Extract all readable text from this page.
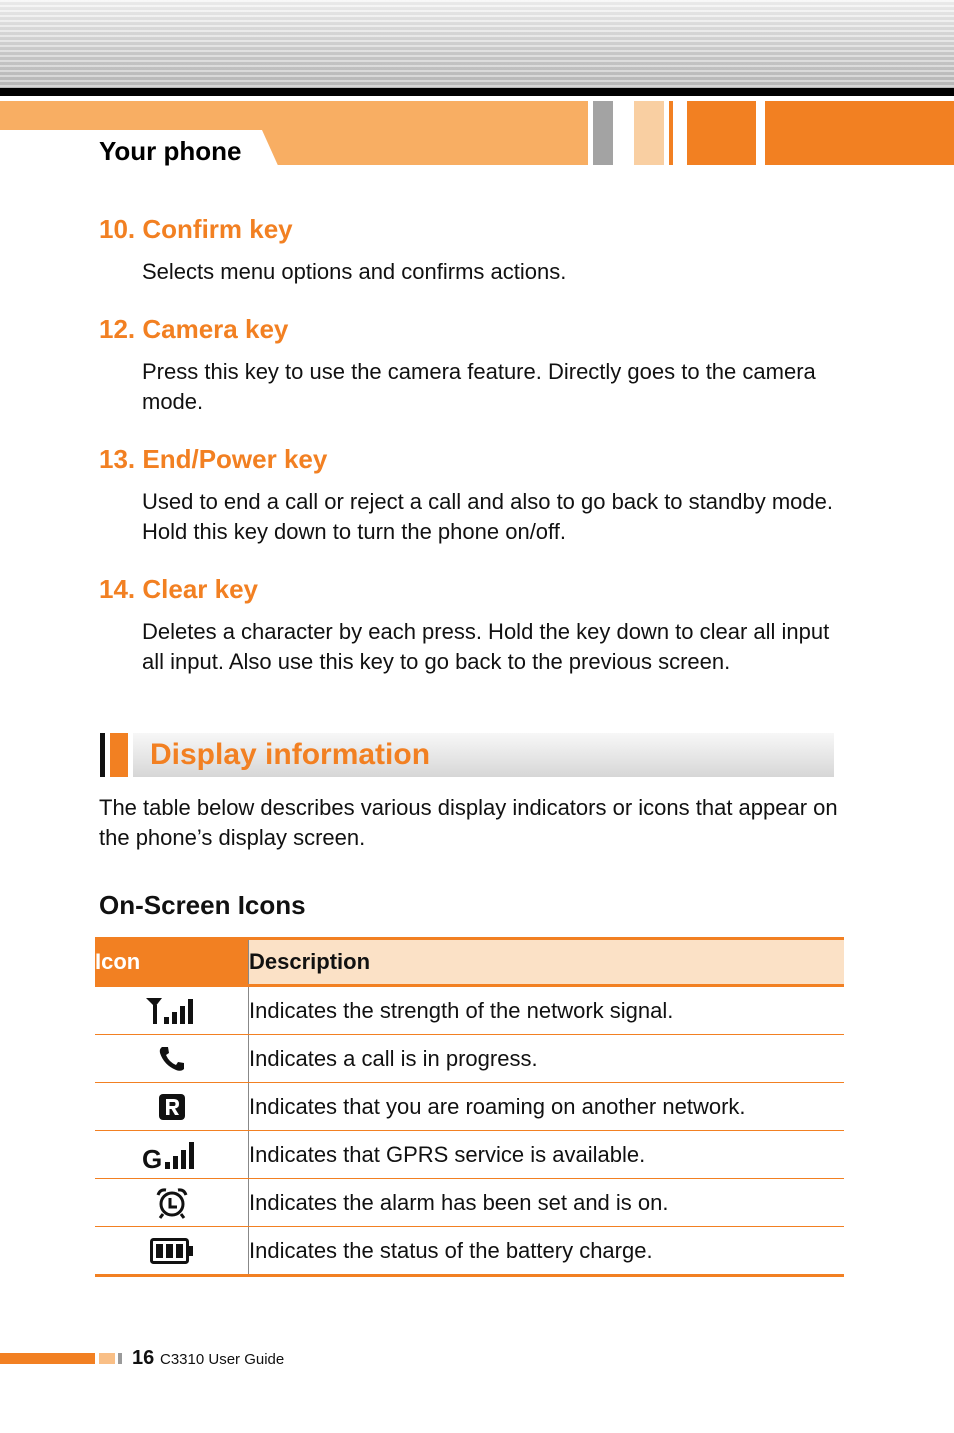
Your phone
10. Confirm key

Selects menu options and confirms actions.

12. Camera key

Press this key to use the camera feature. Directly goes to the camera mode.

13. End/Power key

Used to end a call or reject a call and also to go back to standby mode. Hold this key down to turn the phone on/off.

14. Clear key

Deletes a character by each press. Hold the key down to clear all input all input. Also use this key to go back to the previous screen.

Display information

The table below describes various display indicators or icons that appear on the phone’s display screen.

On-Screen Icons
Icon	Description
	Indicates the strength of the network signal.
	Indicates a call is in progress.
	Indicates that you are roaming on another network.

G	Indicates that GPRS service is available.
	Indicates the alarm has been set and is on.
	Indicates the status of the battery charge.
16 C3310 User Guide
